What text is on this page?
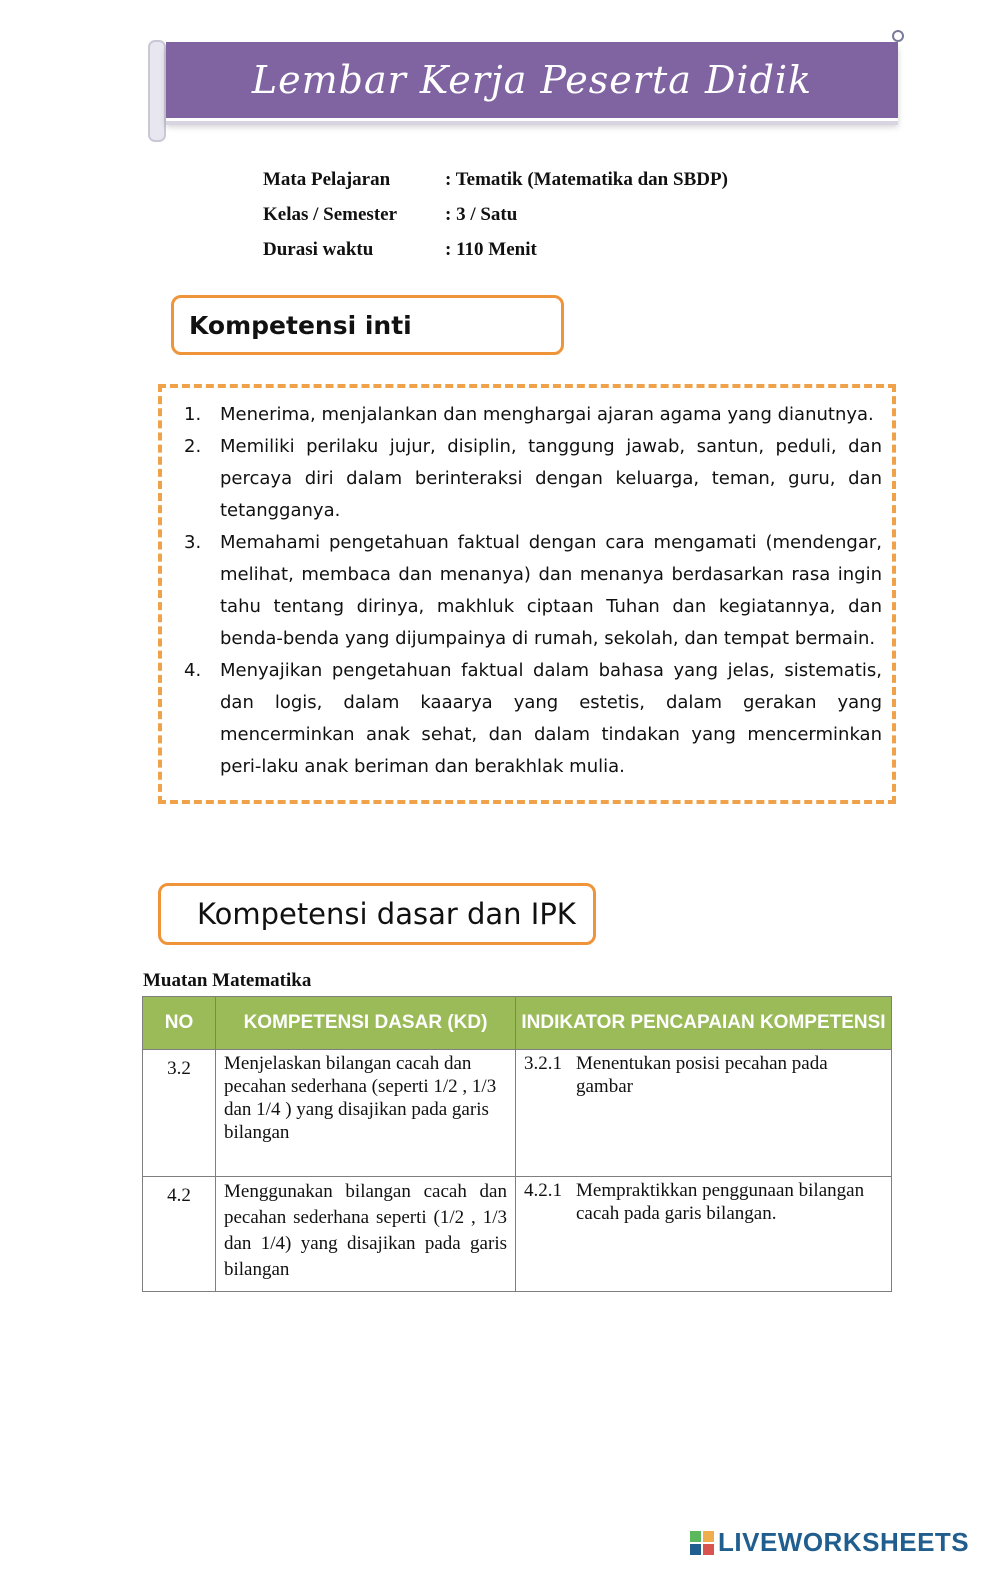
Lembar Kerja Peserta Didik
Mata Pelajaran	: Tematik (Matematika dan SBDP)
Kelas / Semester	: 3 / Satu
Durasi waktu	: 110 Menit
Kompetensi inti
1.	Menerima, menjalankan dan menghargai ajaran agama yang dianutnya.
2.	Memiliki perilaku jujur, disiplin, tanggung jawab, santun, peduli, dan percaya diri dalam berinteraksi dengan keluarga, teman, guru, dan tetangganya.
3.	Memahami pengetahuan faktual dengan cara mengamati (mendengar, melihat, membaca dan menanya) dan menanya berdasarkan rasa ingin tahu tentang dirinya, makhluk ciptaan Tuhan dan kegiatannya, dan benda-benda yang dijumpainya di rumah, sekolah, dan tempat bermain.
4.	Menyajikan pengetahuan faktual dalam bahasa yang jelas, sistematis, dan logis, dalam kaaarya yang estetis, dalam gerakan yang mencerminkan anak sehat, dan dalam tindakan yang mencerminkan peri-laku anak beriman dan berakhlak mulia.
Kompetensi dasar dan IPK
Muatan Matematika
NO	KOMPETENSI DASAR (KD)	INDIKATOR PENCAPAIAN KOMPETENSI
3.2	Menjelaskan bilangan cacah dan pecahan sederhana (seperti 1/2 , 1/3 dan 1/4 ) yang disajikan pada garis bilangan	3.2.1 Menentukan posisi pecahan pada gambar

4.2	Menggunakan bilangan cacah dan pecahan sederhana seperti (1/2 , 1/3 dan 1/4) yang disajikan pada garis bilangan	4.2.1 Mempraktikkan penggunaan bilangan cacah pada garis bilangan.
LIVEWORKSHEETS
